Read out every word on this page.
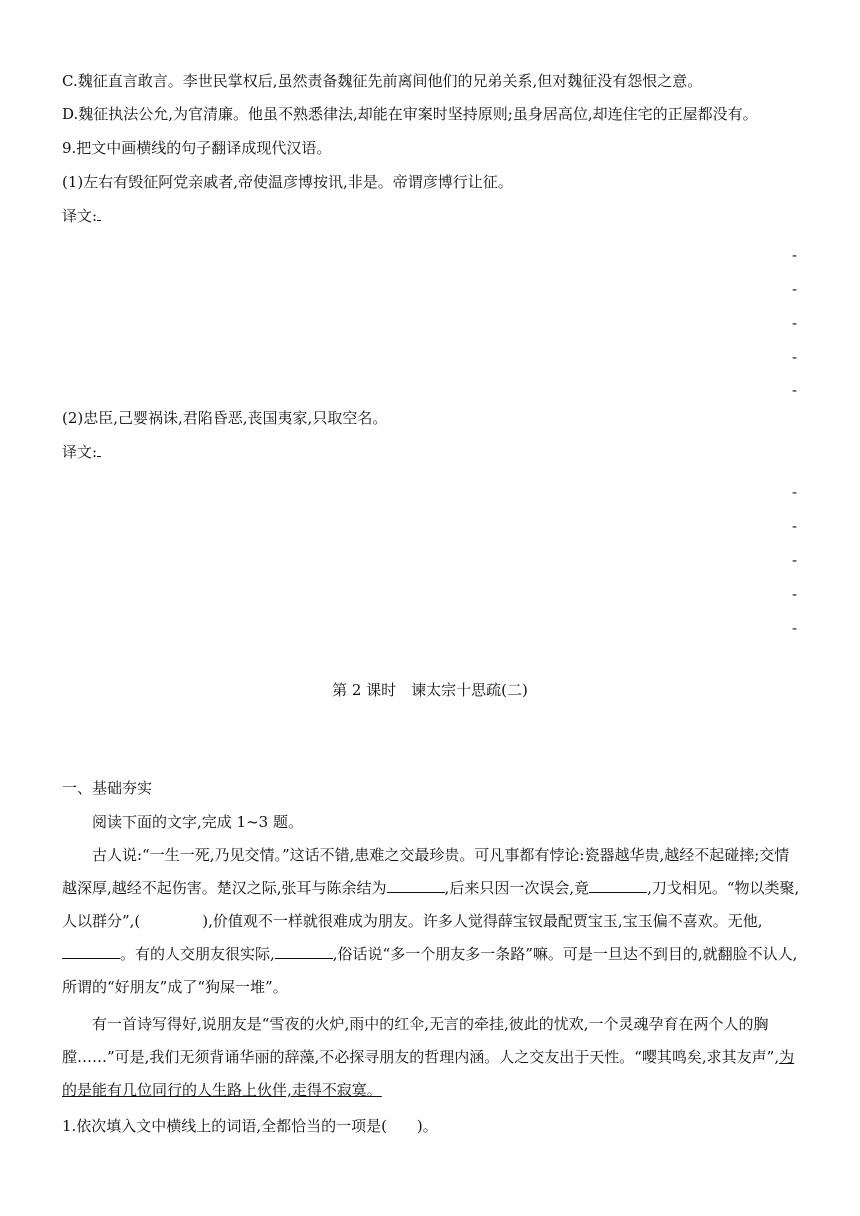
C.魏征直言敢言。李世民掌权后,虽然责备魏征先前离间他们的兄弟关系,但对魏征没有怨恨之意。
D.魏征执法公允,为官清廉。他虽不熟悉律法,却能在审案时坚持原则;虽身居高位,却连住宅的正屋都没有。
9.把文中画横线的句子翻译成现代汉语。
(1)左右有毁征阿党亲戚者,帝使温彦博按讯,非是。帝谓彦博行让征。
译文:
-
-
-
-
-
(2)忠臣,己婴祸诛,君陷昏恶,丧国夷家,只取空名。
译文:
-
-
-
-
-
第 2 课时　谏太宗十思疏(二)
一、基础夯实
阅读下面的文字,完成 1~3 题。
古人说:“一生一死,乃见交情。”这话不错,患难之交最珍贵。可凡事都有悖论:瓷器越华贵,越经不起碰摔;交情越深厚,越经不起伤害。楚汉之际,张耳与陈余结为	,后来只因一次误会,竟	,刀戈相见。“物以类聚,人以群分”,(	),价值观不一样就很难成为朋友。许多人觉得薛宝钗最配贾宝玉,宝玉偏不喜欢。无他,。有的人交朋友很实际,	,俗话说“多一个朋友多一条路”嘛。可是一旦达不到目的,就翻脸不认人,所谓的“好朋友”成了“狗屎一堆”。
有一首诗写得好,说朋友是“雪夜的火炉,雨中的红伞,无言的牵挂,彼此的忧欢,一个灵魂孕育在两个人的胸膛……”可是,我们无须背诵华丽的辞藻,不必探寻朋友的哲理内涵。人之交友出于天性。“嘤其鸣矣,求其友声”,为的是能有几位同行的人生路上伙伴,走得不寂寞。
1.依次填入文中横线上的词语,全都恰当的一项是(　　)。
